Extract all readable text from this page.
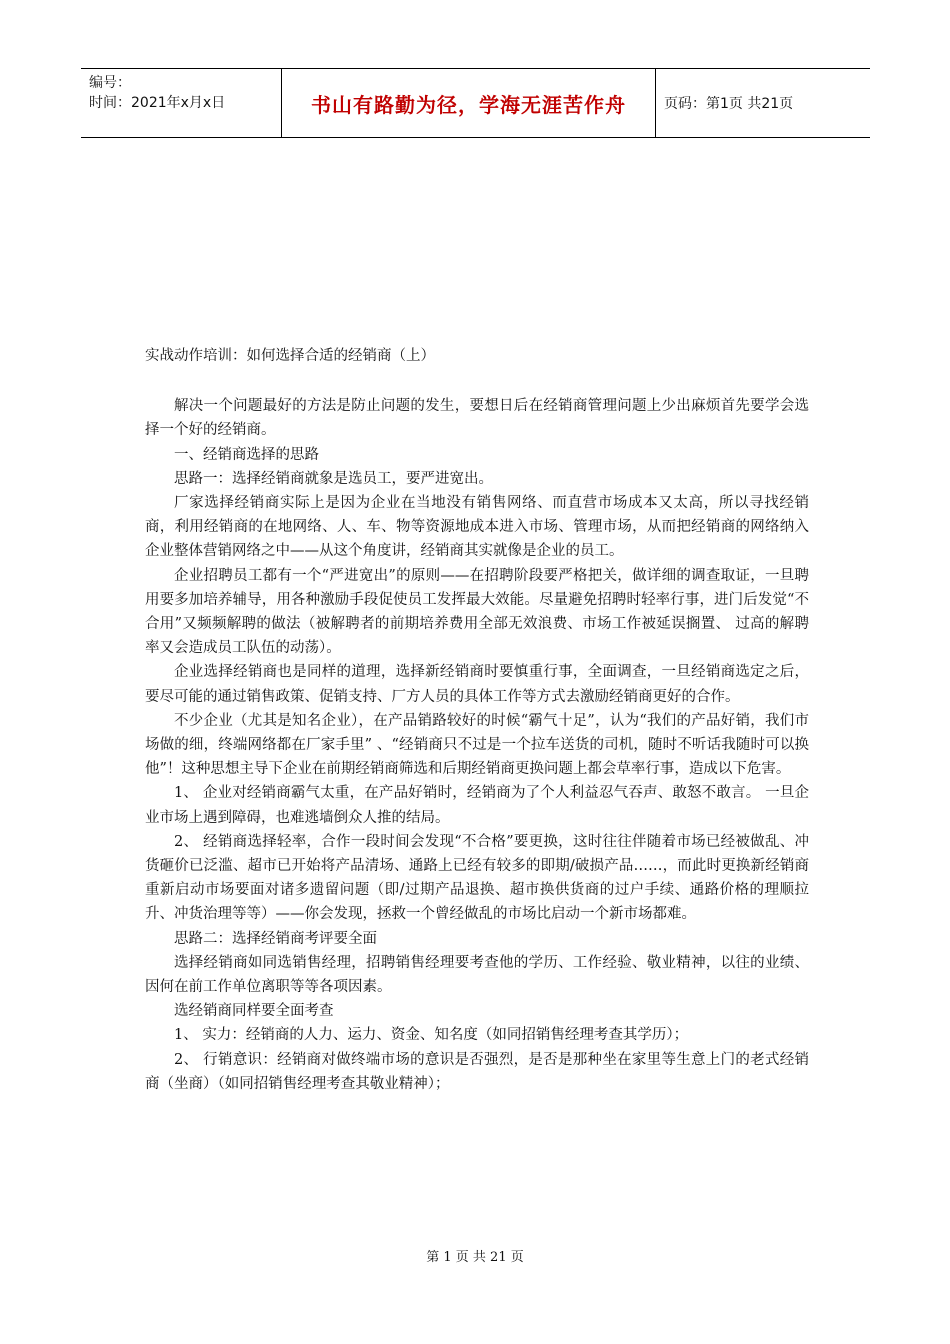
编号：
时间：2021年x月x日	书山有路勤为径，学海无涯苦作舟	页码：第1页 共21页

实战动作培训：如何选择合适的经销商（上）

解决一个问题最好的方法是防止问题的发生，要想日后在经销商管理问题上少出麻烦首先要学会选择一个好的经销商。

一、经销商选择的思路

思路一：选择经销商就象是选员工，要严进宽出。

厂家选择经销商实际上是因为企业在当地没有销售网络、而直营市场成本又太高，所以寻找经销商，利用经销商的在地网络、人、车、物等资源地成本进入市场、管理市场，从而把经销商的网络纳入企业整体营销网络之中——从这个角度讲，经销商其实就像是企业的员工。

企业招聘员工都有一个“严进宽出”的原则——在招聘阶段要严格把关，做详细的调查取证，一旦聘用要多加培养辅导，用各种激励手段促使员工发挥最大效能。尽量避免招聘时轻率行事，进门后发觉“不合用”又频频解聘的做法（被解聘者的前期培养费用全部无效浪费、市场工作被延误搁置、 过高的解聘率又会造成员工队伍的动荡）。

企业选择经销商也是同样的道理，选择新经销商时要慎重行事，全面调查，一旦经销商选定之后，要尽可能的通过销售政策、促销支持、厂方人员的具体工作等方式去激励经销商更好的合作。

不少企业（尤其是知名企业），在产品销路较好的时候“霸气十足”，认为“我们的产品好销，我们市场做的细，终端网络都在厂家手里” 、“经销商只不过是一个拉车送货的司机，随时不听话我随时可以换他”！这种思想主导下企业在前期经销商筛选和后期经销商更换问题上都会草率行事，造成以下危害。

1、 企业对经销商霸气太重，在产品好销时，经销商为了个人利益忍气吞声、敢怒不敢言。 一旦企业市场上遇到障碍，也难逃墙倒众人推的结局。

2、 经销商选择轻率，合作一段时间会发现“不合格”要更换，这时往往伴随着市场已经被做乱、冲货砸价已泛滥、超市已开始将产品清场、通路上已经有较多的即期/破损产品……，而此时更换新经销商重新启动市场要面对诸多遗留问题（即/过期产品退换、超市换供货商的过户手续、通路价格的理顺拉升、冲货治理等等）——你会发现，拯救一个曾经做乱的市场比启动一个新市场都难。

思路二：选择经销商考评要全面

选择经销商如同选销售经理，招聘销售经理要考查他的学历、工作经验、敬业精神，以往的业绩、因何在前工作单位离职等等各项因素。

选经销商同样要全面考查

1、 实力：经销商的人力、运力、资金、知名度（如同招销售经理考查其学历）；

2、 行销意识：经销商对做终端市场的意识是否强烈，是否是那种坐在家里等生意上门的老式经销商（坐商）（如同招销售经理考查其敬业精神）；

第 1 页 共 21 页
